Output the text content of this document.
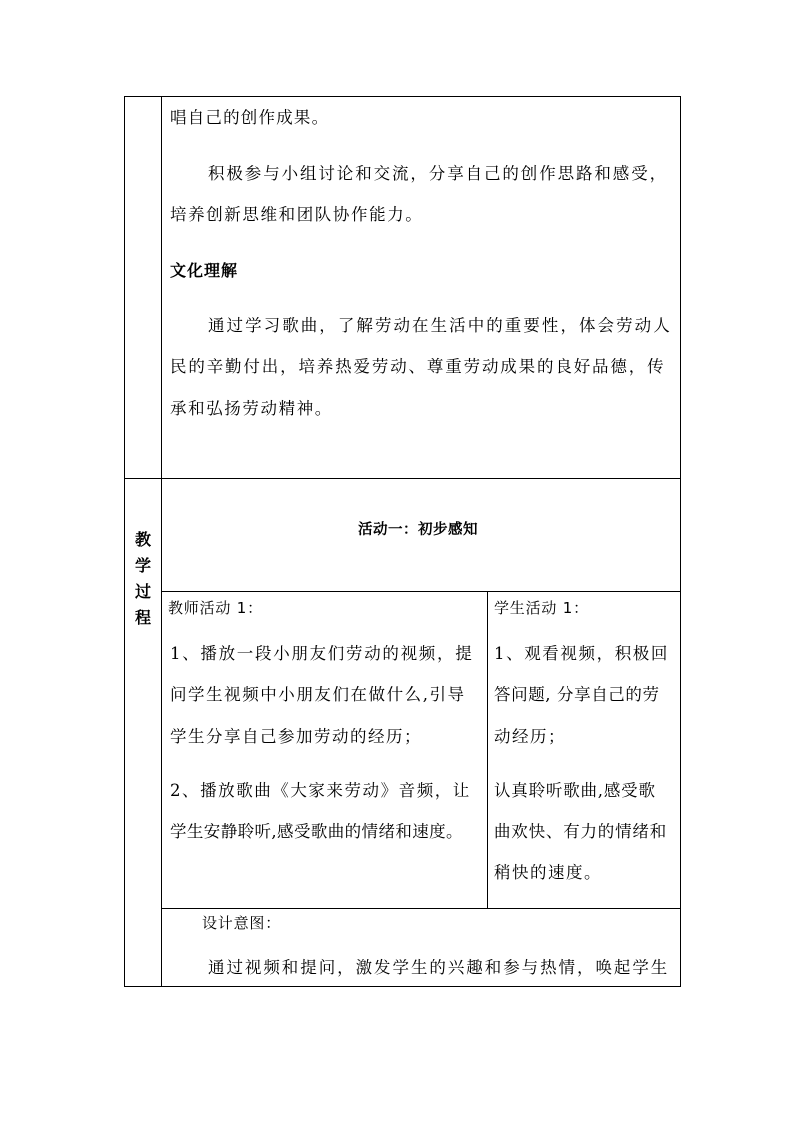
唱自己的创作成果。
积极参与小组讨论和交流，分享自己的创作思路和感受，
培养创新思维和团队协作能力。
文化理解
通过学习歌曲，了解劳动在生活中的重要性，体会劳动人
民的辛勤付出，培养热爱劳动、尊重劳动成果的良好品德，传
承和弘扬劳动精神。
教
学
过
程
活动一：初步感知
教师活动 1：
1、播放一段小朋友们劳动的视频，提
问学生视频中小朋友们在做什么,引导
学生分享自己参加劳动的经历；
2、播放歌曲《大家来劳动》音频，让
学生安静聆听,感受歌曲的情绪和速度。
学生活动 1：
1、观看视频，积极回
答问题, 分享自己的劳
动经历；
认真聆听歌曲,感受歌
曲欢快、有力的情绪和
稍快的速度。
设计意图：
通过视频和提问，激发学生的兴趣和参与热情，唤起学生
